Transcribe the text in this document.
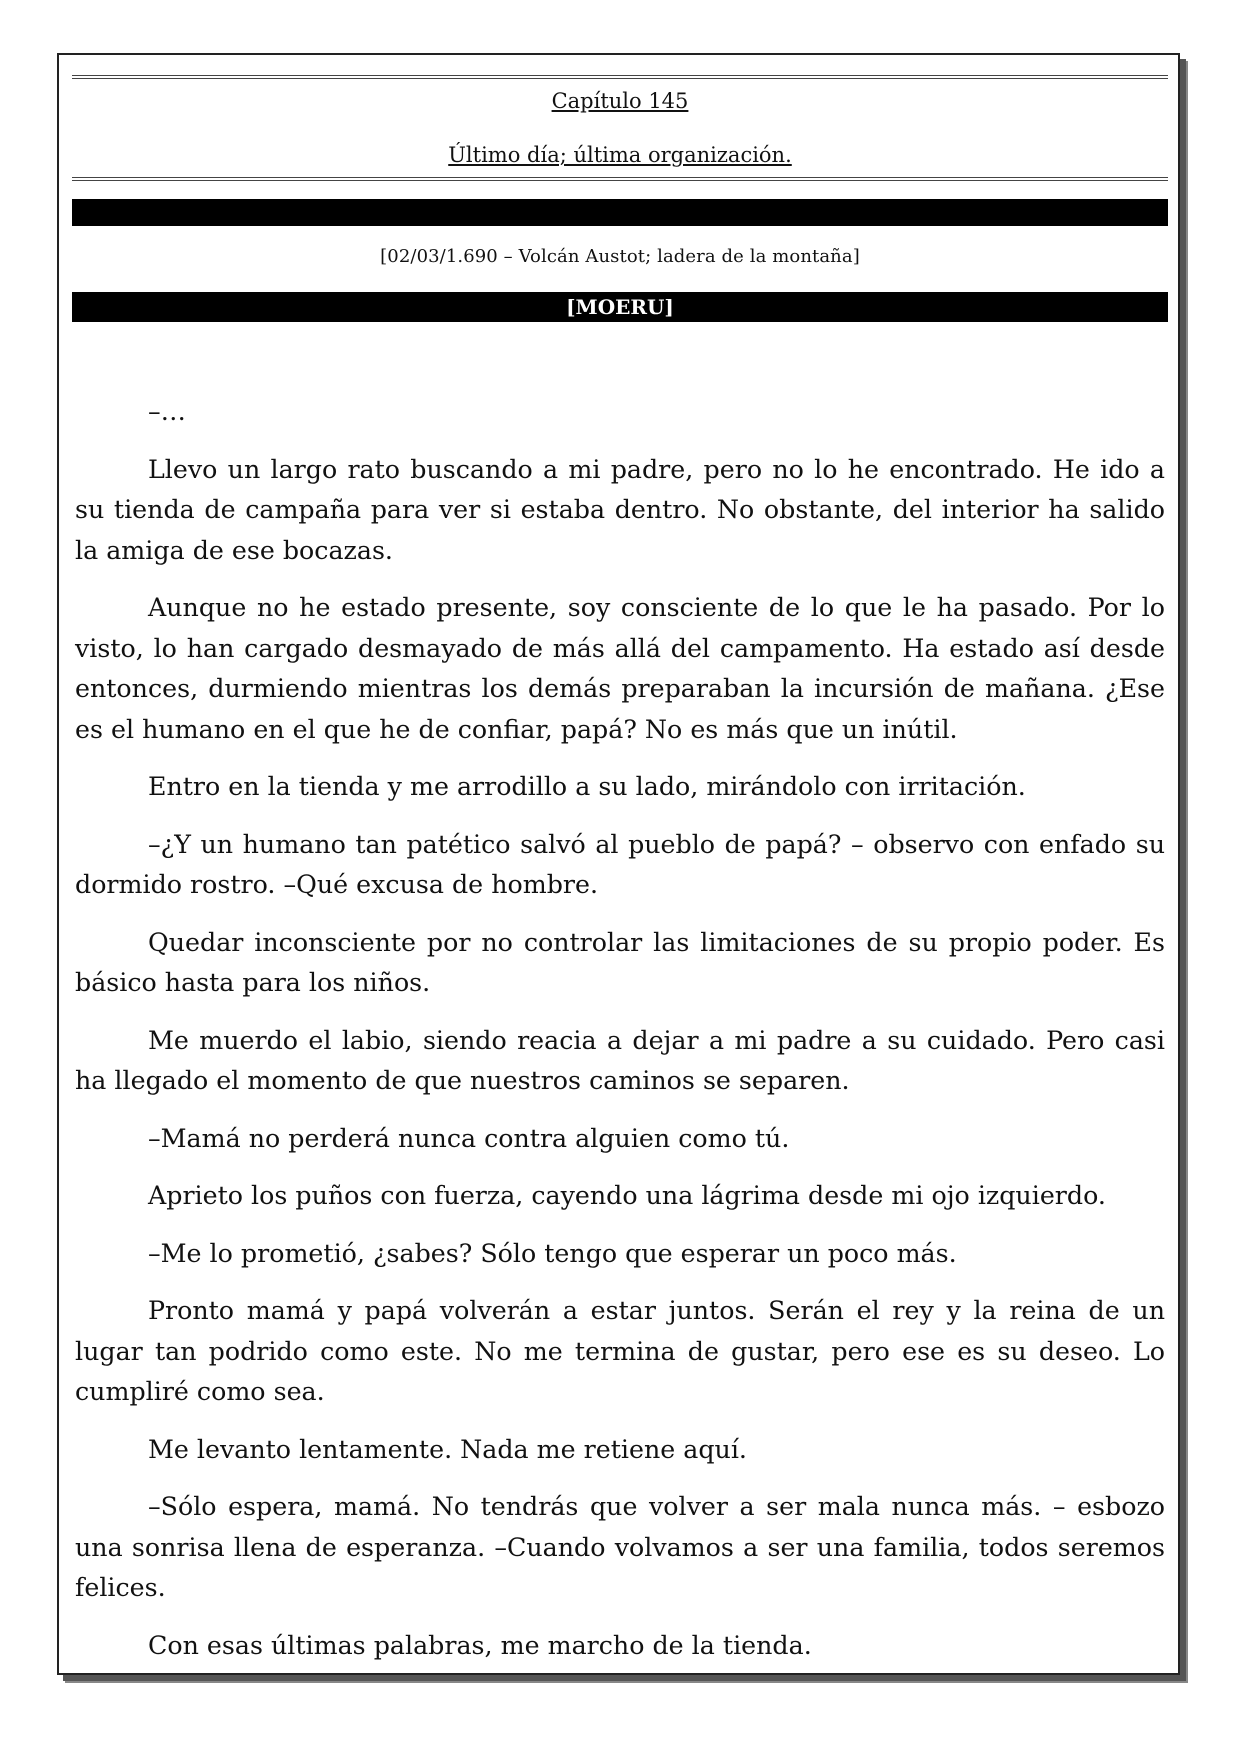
Capítulo 145
Último día; última organización.
[02/03/1.690 – Volcán Austot; ladera de la montaña]
[MOERU]

–…

Llevo un largo rato buscando a mi padre, pero no lo he encontrado. He ido a su tienda de campaña para ver si estaba dentro. No obstante, del interior ha salido la amiga de ese bocazas.

Aunque no he estado presente, soy consciente de lo que le ha pasado. Por lo visto, lo han cargado desmayado de más allá del campamento. Ha estado así desde entonces, durmiendo mientras los demás preparaban la incursión de mañana. ¿Ese es el humano en el que he de confiar, papá? No es más que un inútil.

Entro en la tienda y me arrodillo a su lado, mirándolo con irritación.

–¿Y un humano tan patético salvó al pueblo de papá? – observo con enfado su dormido rostro. –Qué excusa de hombre.

Quedar inconsciente por no controlar las limitaciones de su propio poder. Es básico hasta para los niños.

Me muerdo el labio, siendo reacia a dejar a mi padre a su cuidado. Pero casi ha llegado el momento de que nuestros caminos se separen.

–Mamá no perderá nunca contra alguien como tú.

Aprieto los puños con fuerza, cayendo una lágrima desde mi ojo izquierdo.

–Me lo prometió, ¿sabes? Sólo tengo que esperar un poco más.

Pronto mamá y papá volverán a estar juntos. Serán el rey y la reina de un lugar tan podrido como este. No me termina de gustar, pero ese es su deseo. Lo cumpliré como sea.

Me levanto lentamente. Nada me retiene aquí.

–Sólo espera, mamá. No tendrás que volver a ser mala nunca más. – esbozo una sonrisa llena de esperanza. –Cuando volvamos a ser una familia, todos seremos felices.

Con esas últimas palabras, me marcho de la tienda.
